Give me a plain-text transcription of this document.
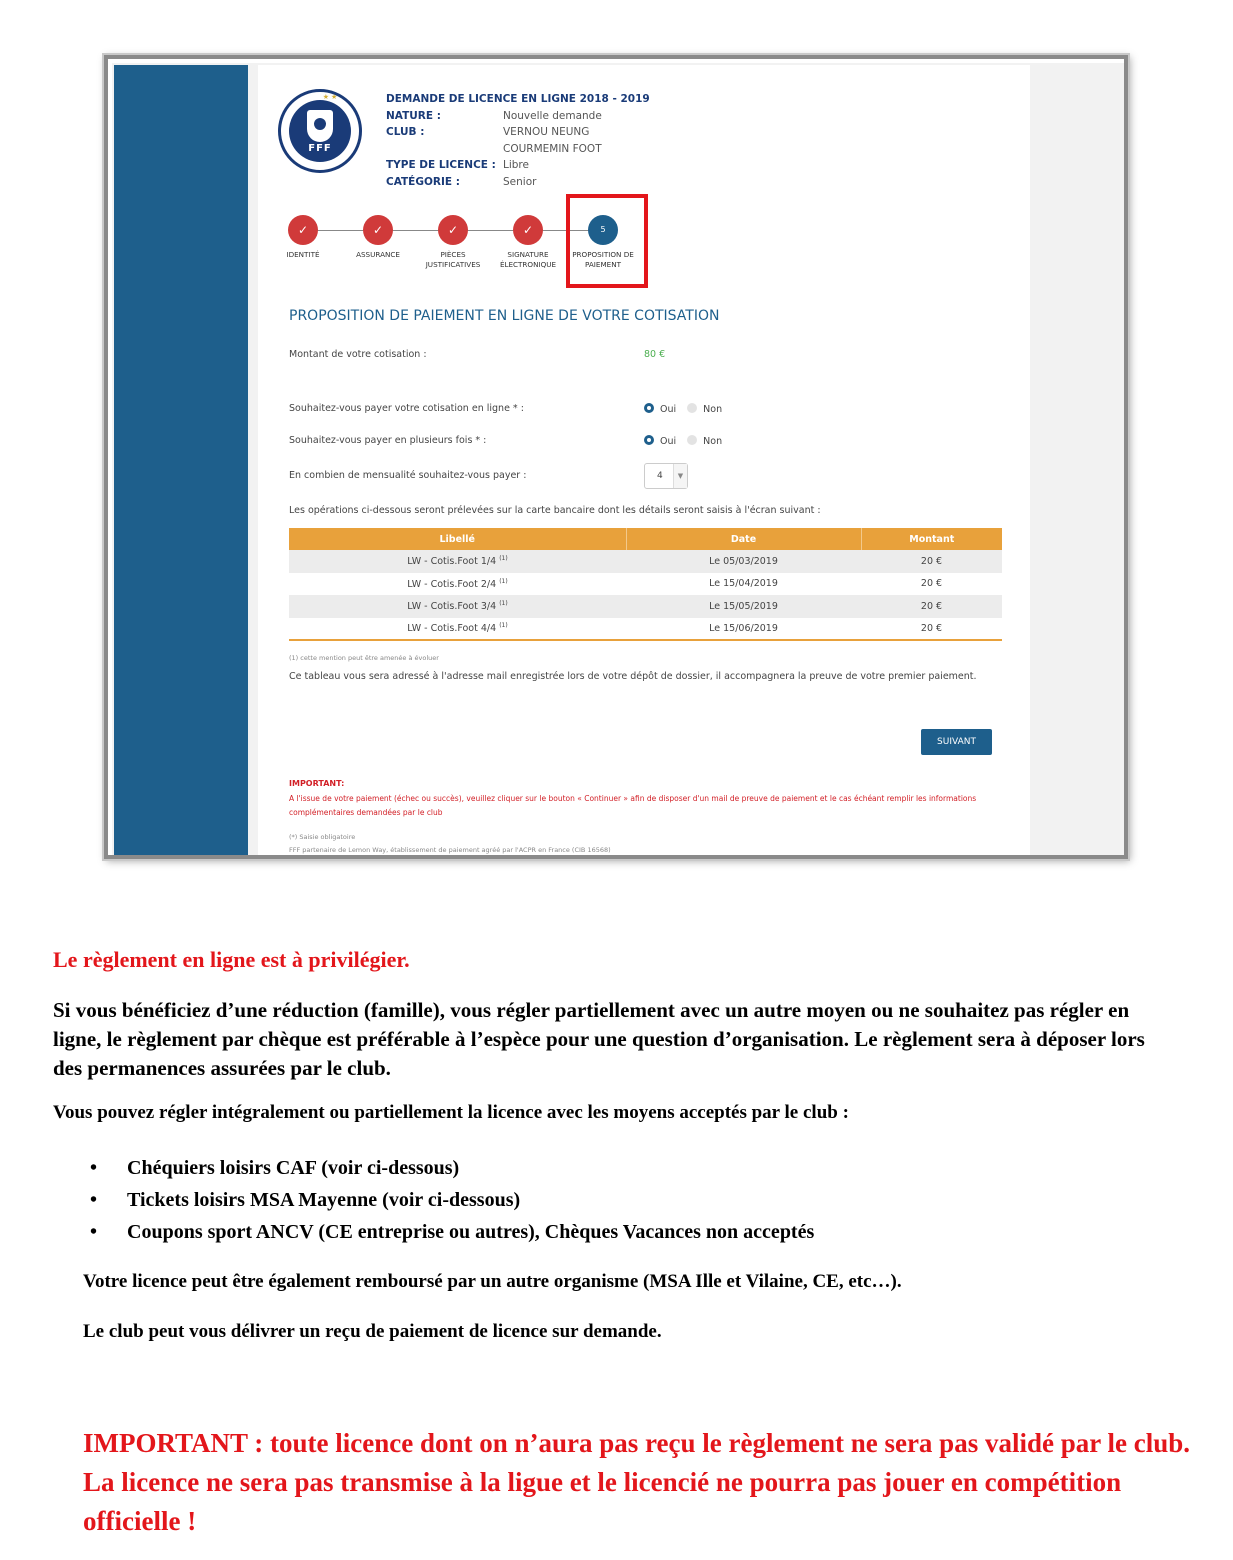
★★
FFF
DEMANDE DE LICENCE EN LIGNE 2018 - 2019
NATURE :	Nouvelle demande
CLUB :	VERNOU NEUNG
COURMEMIN FOOT
TYPE DE LICENCE : Libre
CATÉGORIE :	Senior
✓
IDENTITÉ

✓
ASSURANCE

✓
PIÈCES
JUSTIFICATIVES
✓
SIGNATURE
ÉLECTRONIQUE
5
PROPOSITION DE
PAIEMENT
PROPOSITION DE PAIEMENT EN LIGNE DE VOTRE COTISATION
Montant de votre cotisation :	80 €
Souhaitez-vous payer votre cotisation en ligne * :	Oui	Non
Souhaitez-vous payer en plusieurs fois * :	Oui	Non
En combien de mensualité souhaitez-vous payer :	4	▼
Les opérations ci-dessous seront prélevées sur la carte bancaire dont les détails seront saisis à l'écran suivant :
Libellé	Date	Montant
LW - Cotis.Foot 1/4 $^{(1)}$	Le 05/03/2019	20 €
LW - Cotis.Foot 2/4 $^{(1)}$	Le 15/04/2019	20 €
LW - Cotis.Foot 3/4 $^{(1)}$	Le 15/05/2019	20 €
LW - Cotis.Foot 4/4 $^{(1)}$	Le 15/06/2019	20 €
(1) cette mention peut être amenée à évoluer
Ce tableau vous sera adressé à l'adresse mail enregistrée lors de votre dépôt de dossier, il accompagnera la preuve de votre premier paiement.
SUIVANT
IMPORTANT:
A l'issue de votre paiement (échec ou succès), veuillez cliquer sur le bouton « Continuer » afin de disposer d'un mail de preuve de paiement et le cas échéant remplir les informations complémentaires demandées par le club
(*) Saisie obligatoire
FFF partenaire de Lemon Way, établissement de paiement agréé par l'ACPR en France (CIB 16568)
Le règlement en ligne est à privilégier.
Si vous bénéficiez d’une réduction (famille), vous régler partiellement avec un autre moyen ou ne souhaitez pas régler en ligne, le règlement par chèque est préférable à l’espèce pour une question d’organisation. Le règlement sera à déposer lors des permanences assurées par le club.
Vous pouvez régler intégralement ou partiellement la licence avec les moyens acceptés par le club :
• Chéquiers loisirs CAF (voir ci-dessous)
• Tickets loisirs MSA Mayenne (voir ci-dessous)
• Coupons sport ANCV (CE entreprise ou autres), Chèques Vacances non acceptés
Votre licence peut être également remboursé par un autre organisme (MSA Ille et Vilaine, CE, etc…).
Le club peut vous délivrer un reçu de paiement de licence sur demande.
IMPORTANT : toute licence dont on n’aura pas reçu le règlement ne sera pas validé par le club. La licence ne sera pas transmise à la ligue et le licencié ne pourra pas jouer en compétition officielle !
